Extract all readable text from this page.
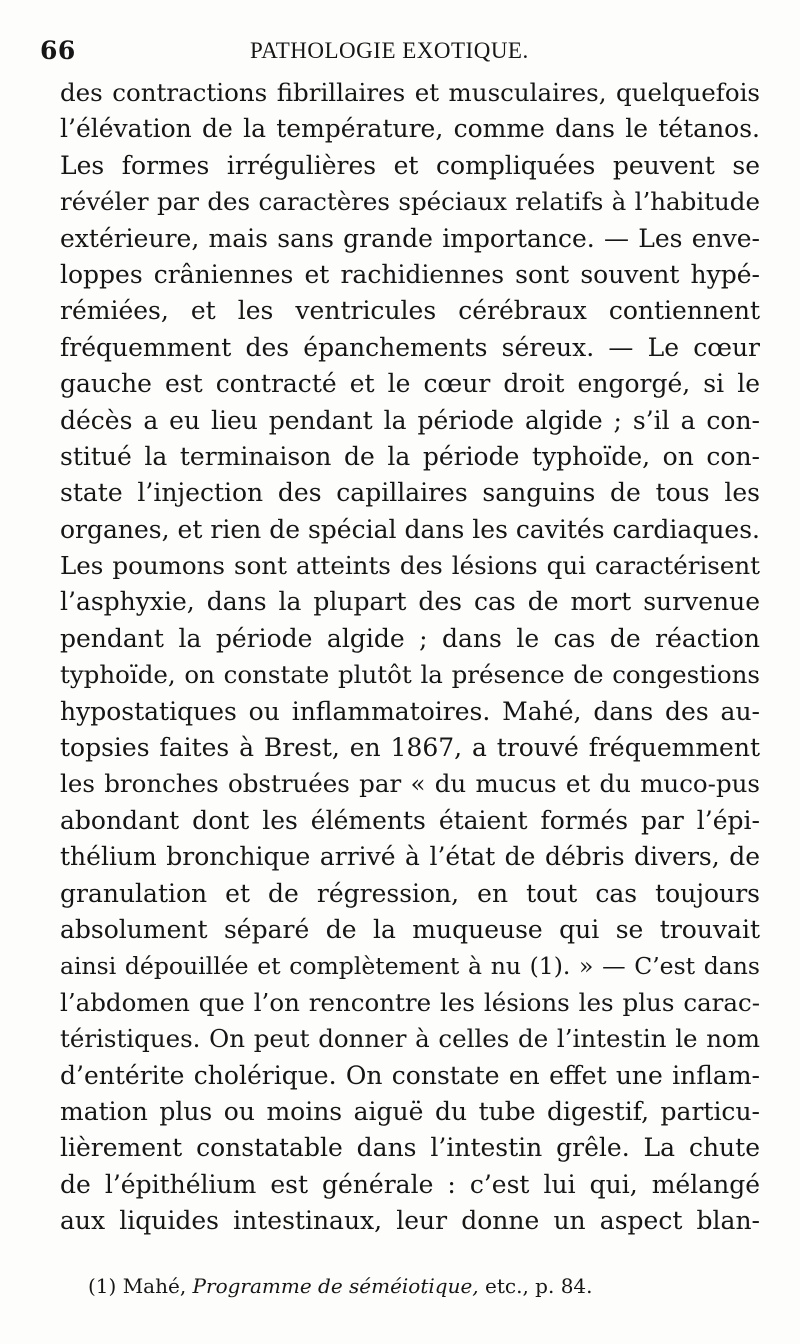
66	PATHOLOGIE EXOTIQUE.
des contractions fibrillaires et musculaires, quelquefois
l’élévation de la température, comme dans le tétanos.
Les formes irrégulières et compliquées peuvent se
révéler par des caractères spéciaux relatifs à l’habitude
extérieure, mais sans grande importance. — Les enve-
loppes crâniennes et rachidiennes sont souvent hypé-
rémiées, et les ventricules cérébraux contiennent
fréquemment des épanchements séreux. — Le cœur
gauche est contracté et le cœur droit engorgé, si le
décès a eu lieu pendant la période algide ; s’il a con-
stitué la terminaison de la période typhoïde, on con-
state l’injection des capillaires sanguins de tous les
organes, et rien de spécial dans les cavités cardiaques.
Les poumons sont atteints des lésions qui caractérisent
l’asphyxie, dans la plupart des cas de mort survenue
pendant la période algide ; dans le cas de réaction
typhoïde, on constate plutôt la présence de congestions
hypostatiques ou inflammatoires. Mahé, dans des au-
topsies faites à Brest, en 1867, a trouvé fréquemment
les bronches obstruées par « du mucus et du muco-pus
abondant dont les éléments étaient formés par l’épi-
thélium bronchique arrivé à l’état de débris divers, de
granulation et de régression, en tout cas toujours
absolument séparé de la muqueuse qui se trouvait
ainsi dépouillée et complètement à nu (1). » — C’est dans
l’abdomen que l’on rencontre les lésions les plus carac-
téristiques. On peut donner à celles de l’intestin le nom
d’entérite cholérique. On constate en effet une inflam-
mation plus ou moins aiguë du tube digestif, particu-
lièrement constatable dans l’intestin grêle. La chute
de l’épithélium est générale : c’est lui qui, mélangé
aux liquides intestinaux, leur donne un aspect blan-
(1) Mahé, Programme de séméiotique, etc., p. 84.
